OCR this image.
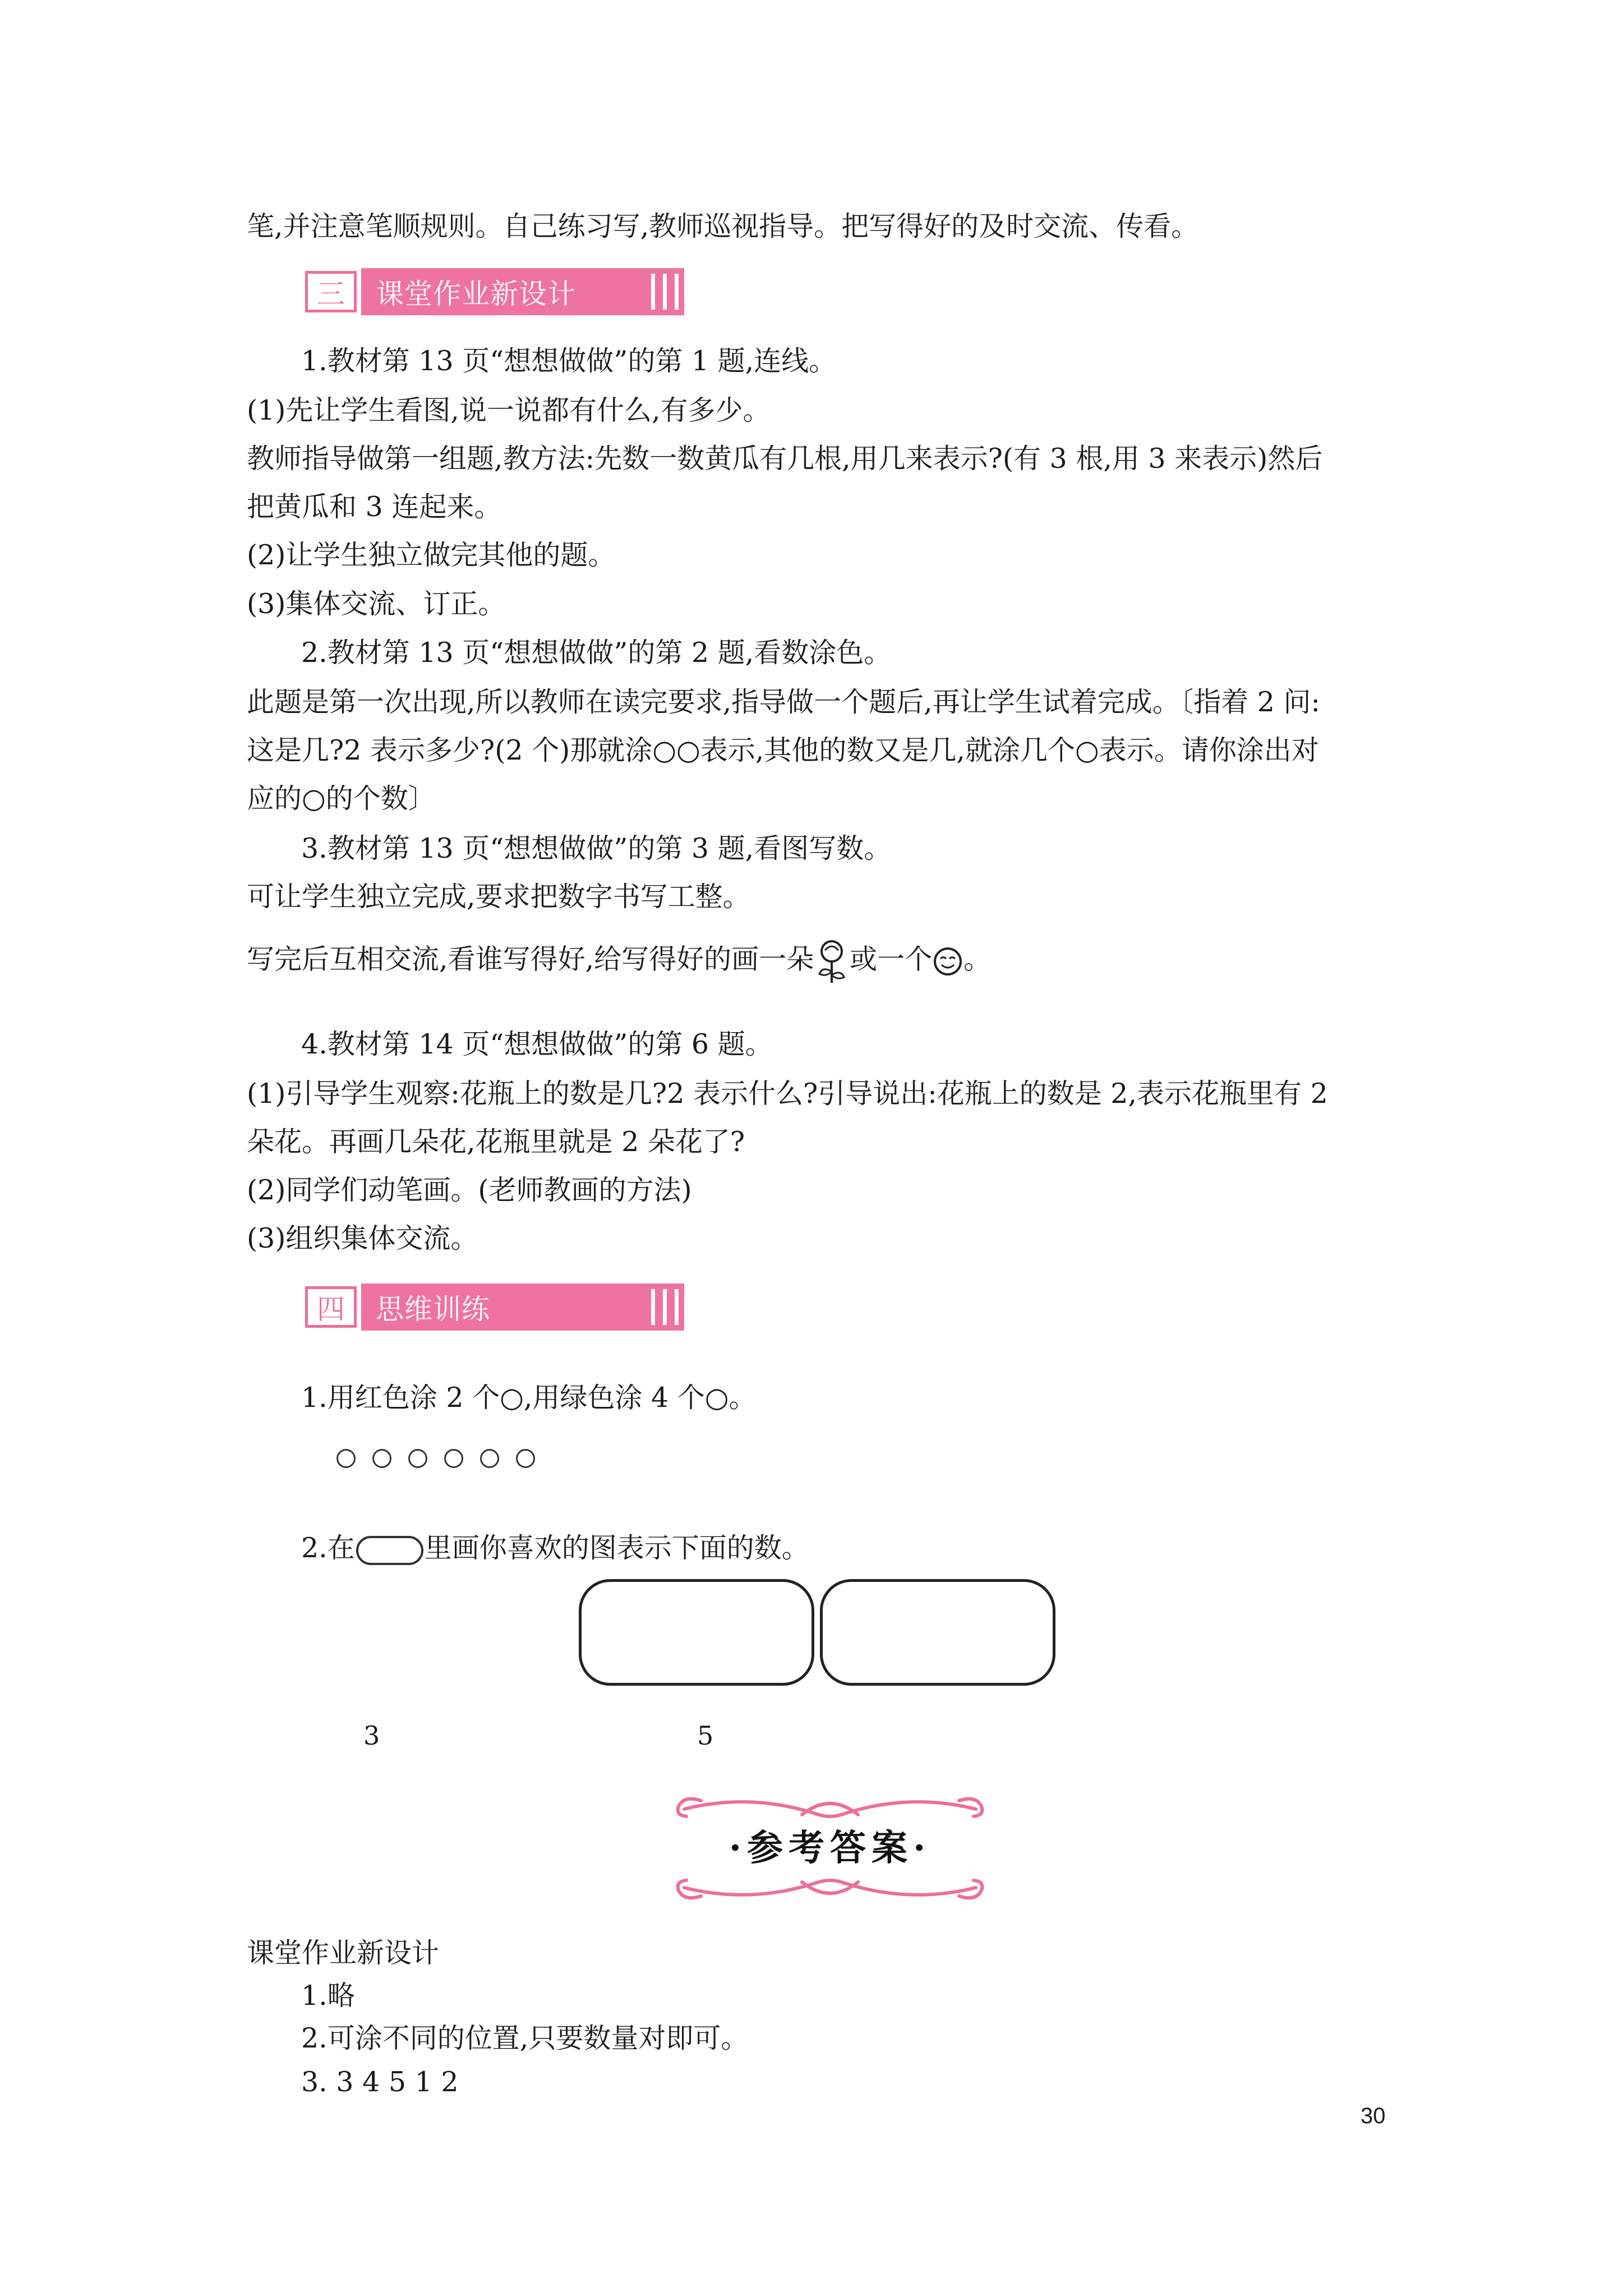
笔,并注意笔顺规则。自己练习写,教师巡视指导。把写得好的及时交流、传看。
三	课堂作业新设计
1.教材第 13 页“想想做做”的第 1 题,连线。
(1)先让学生看图,说一说都有什么,有多少。
教师指导做第一组题,教方法:先数一数黄瓜有几根,用几来表示?(有 3 根,用 3 来表示)然后
把黄瓜和 3 连起来。
(2)让学生独立做完其他的题。
(3)集体交流、订正。
2.教材第 13 页“想想做做”的第 2 题,看数涂色。
此题是第一次出现,所以教师在读完要求,指导做一个题后,再让学生试着完成。〔指着 2 问:
这是几?2 表示多少?(2 个)那就涂○○表示,其他的数又是几,就涂几个○表示。请你涂出对
应的○的个数〕
3.教材第 13 页“想想做做”的第 3 题,看图写数。
可让学生独立完成,要求把数字书写工整。
写完后互相交流,看谁写得好,给写得好的画一朵 或一个 。
4.教材第 14 页“想想做做”的第 6 题。
(1)引导学生观察:花瓶上的数是几?2 表示什么?引导说出:花瓶上的数是 2,表示花瓶里有 2
朵花。再画几朵花,花瓶里就是 2 朵花了?
(2)同学们动笔画。(老师教画的方法)
(3)组织集体交流。
四	思维训练
1.用红色涂 2 个○,用绿色涂 4 个○。
2.在	里画你喜欢的图表示下面的数。
3	5
·参考答案·
课堂作业新设计
1.略
2.可涂不同的位置,只要数量对即可。
3. 3 4 5 1 2
30
